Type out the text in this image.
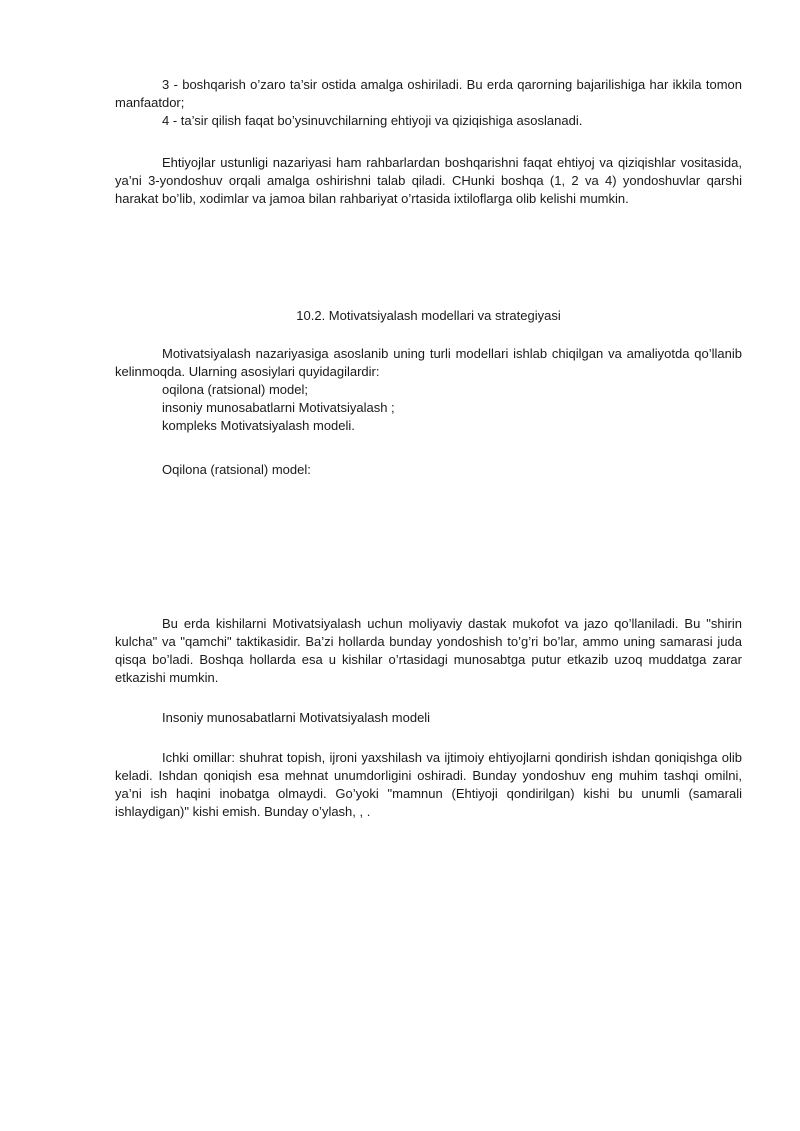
3 - boshqarish o’zaro ta’sir ostida amalga oshiriladi. Bu erda qarorning bajarilishiga har ikkila tomon manfaatdor;

4 - ta’sir qilish faqat bo’ysinuvchilarning ehtiyoji va qiziqishiga asoslanadi.

Ehtiyojlar ustunligi nazariyasi ham rahbarlardan boshqarishni faqat ehtiyoj va qiziqishlar vositasida, ya’ni 3-yondoshuv orqali amalga oshirishni talab qiladi. CHunki boshqa (1, 2 va 4) yondoshuvlar qarshi harakat bo’lib, xodimlar va jamoa bilan rahbariyat o’rtasida ixtiloflarga olib kelishi mumkin.

10.2. Motivatsiyalash modellari va strategiyasi

Motivatsiyalash nazariyasiga asoslanib uning turli modellari ishlab chiqilgan va amaliyotda qo’llanib kelinmoqda. Ularning asosiylari quyidagilardir:

oqilona (ratsional) model;

insoniy munosabatlarni Motivatsiyalash ;

kompleks Motivatsiyalash modeli.

Oqilona (ratsional) model:

Bu erda kishilarni Motivatsiyalash uchun moliyaviy dastak mukofot va jazo qo’llaniladi. Bu "shirin kulcha" va "qamchi" taktikasidir. Ba’zi hollarda bunday yondoshish to’g’ri bo’lar, ammo uning samarasi juda qisqa bo’ladi. Boshqa hollarda esa u kishilar o’rtasidagi munosabtga putur etkazib uzoq muddatga zarar etkazishi mumkin.

Insoniy munosabatlarni Motivatsiyalash modeli

Ichki omillar: shuhrat topish, ijroni yaxshilash va ijtimoiy ehtiyojlarni qondirish ishdan qoniqishga olib keladi. Ishdan qoniqish esa mehnat unumdorligini oshiradi. Bunday yondoshuv eng muhim tashqi omilni, ya’ni ish haqini inobatga olmaydi. Go’yoki "mamnun (Ehtiyoji qondirilgan) kishi bu unumli (samarali ishlaydigan)" kishi emish. Bunday o’ylash, , .
